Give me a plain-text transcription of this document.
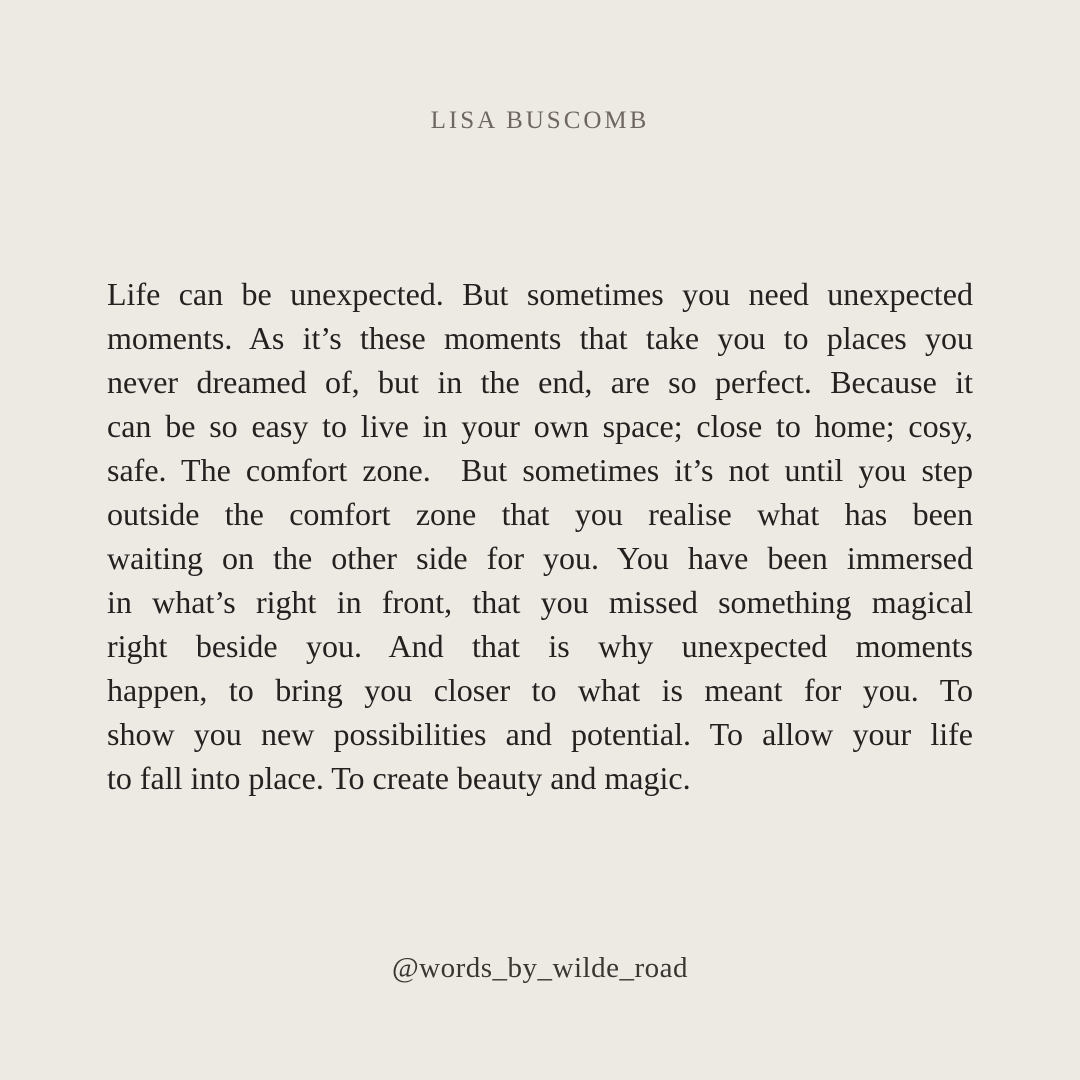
LISA BUSCOMB
Life can be unexpected. But sometimes you need unexpected
moments. As it’s these moments that take you to places you
never dreamed of, but in the end, are so perfect. Because it
can be so easy to live in your own space; close to home; cosy,
safe. The comfort zone.  But sometimes it’s not until you step
outside the comfort zone that you realise what has been
waiting on the other side for you. You have been immersed
in what’s right in front, that you missed something magical
right beside you. And that is why unexpected moments
happen, to bring you closer to what is meant for you. To
show you new possibilities and potential. To allow your life
to fall into place. To create beauty and magic.
@words_by_wilde_road
